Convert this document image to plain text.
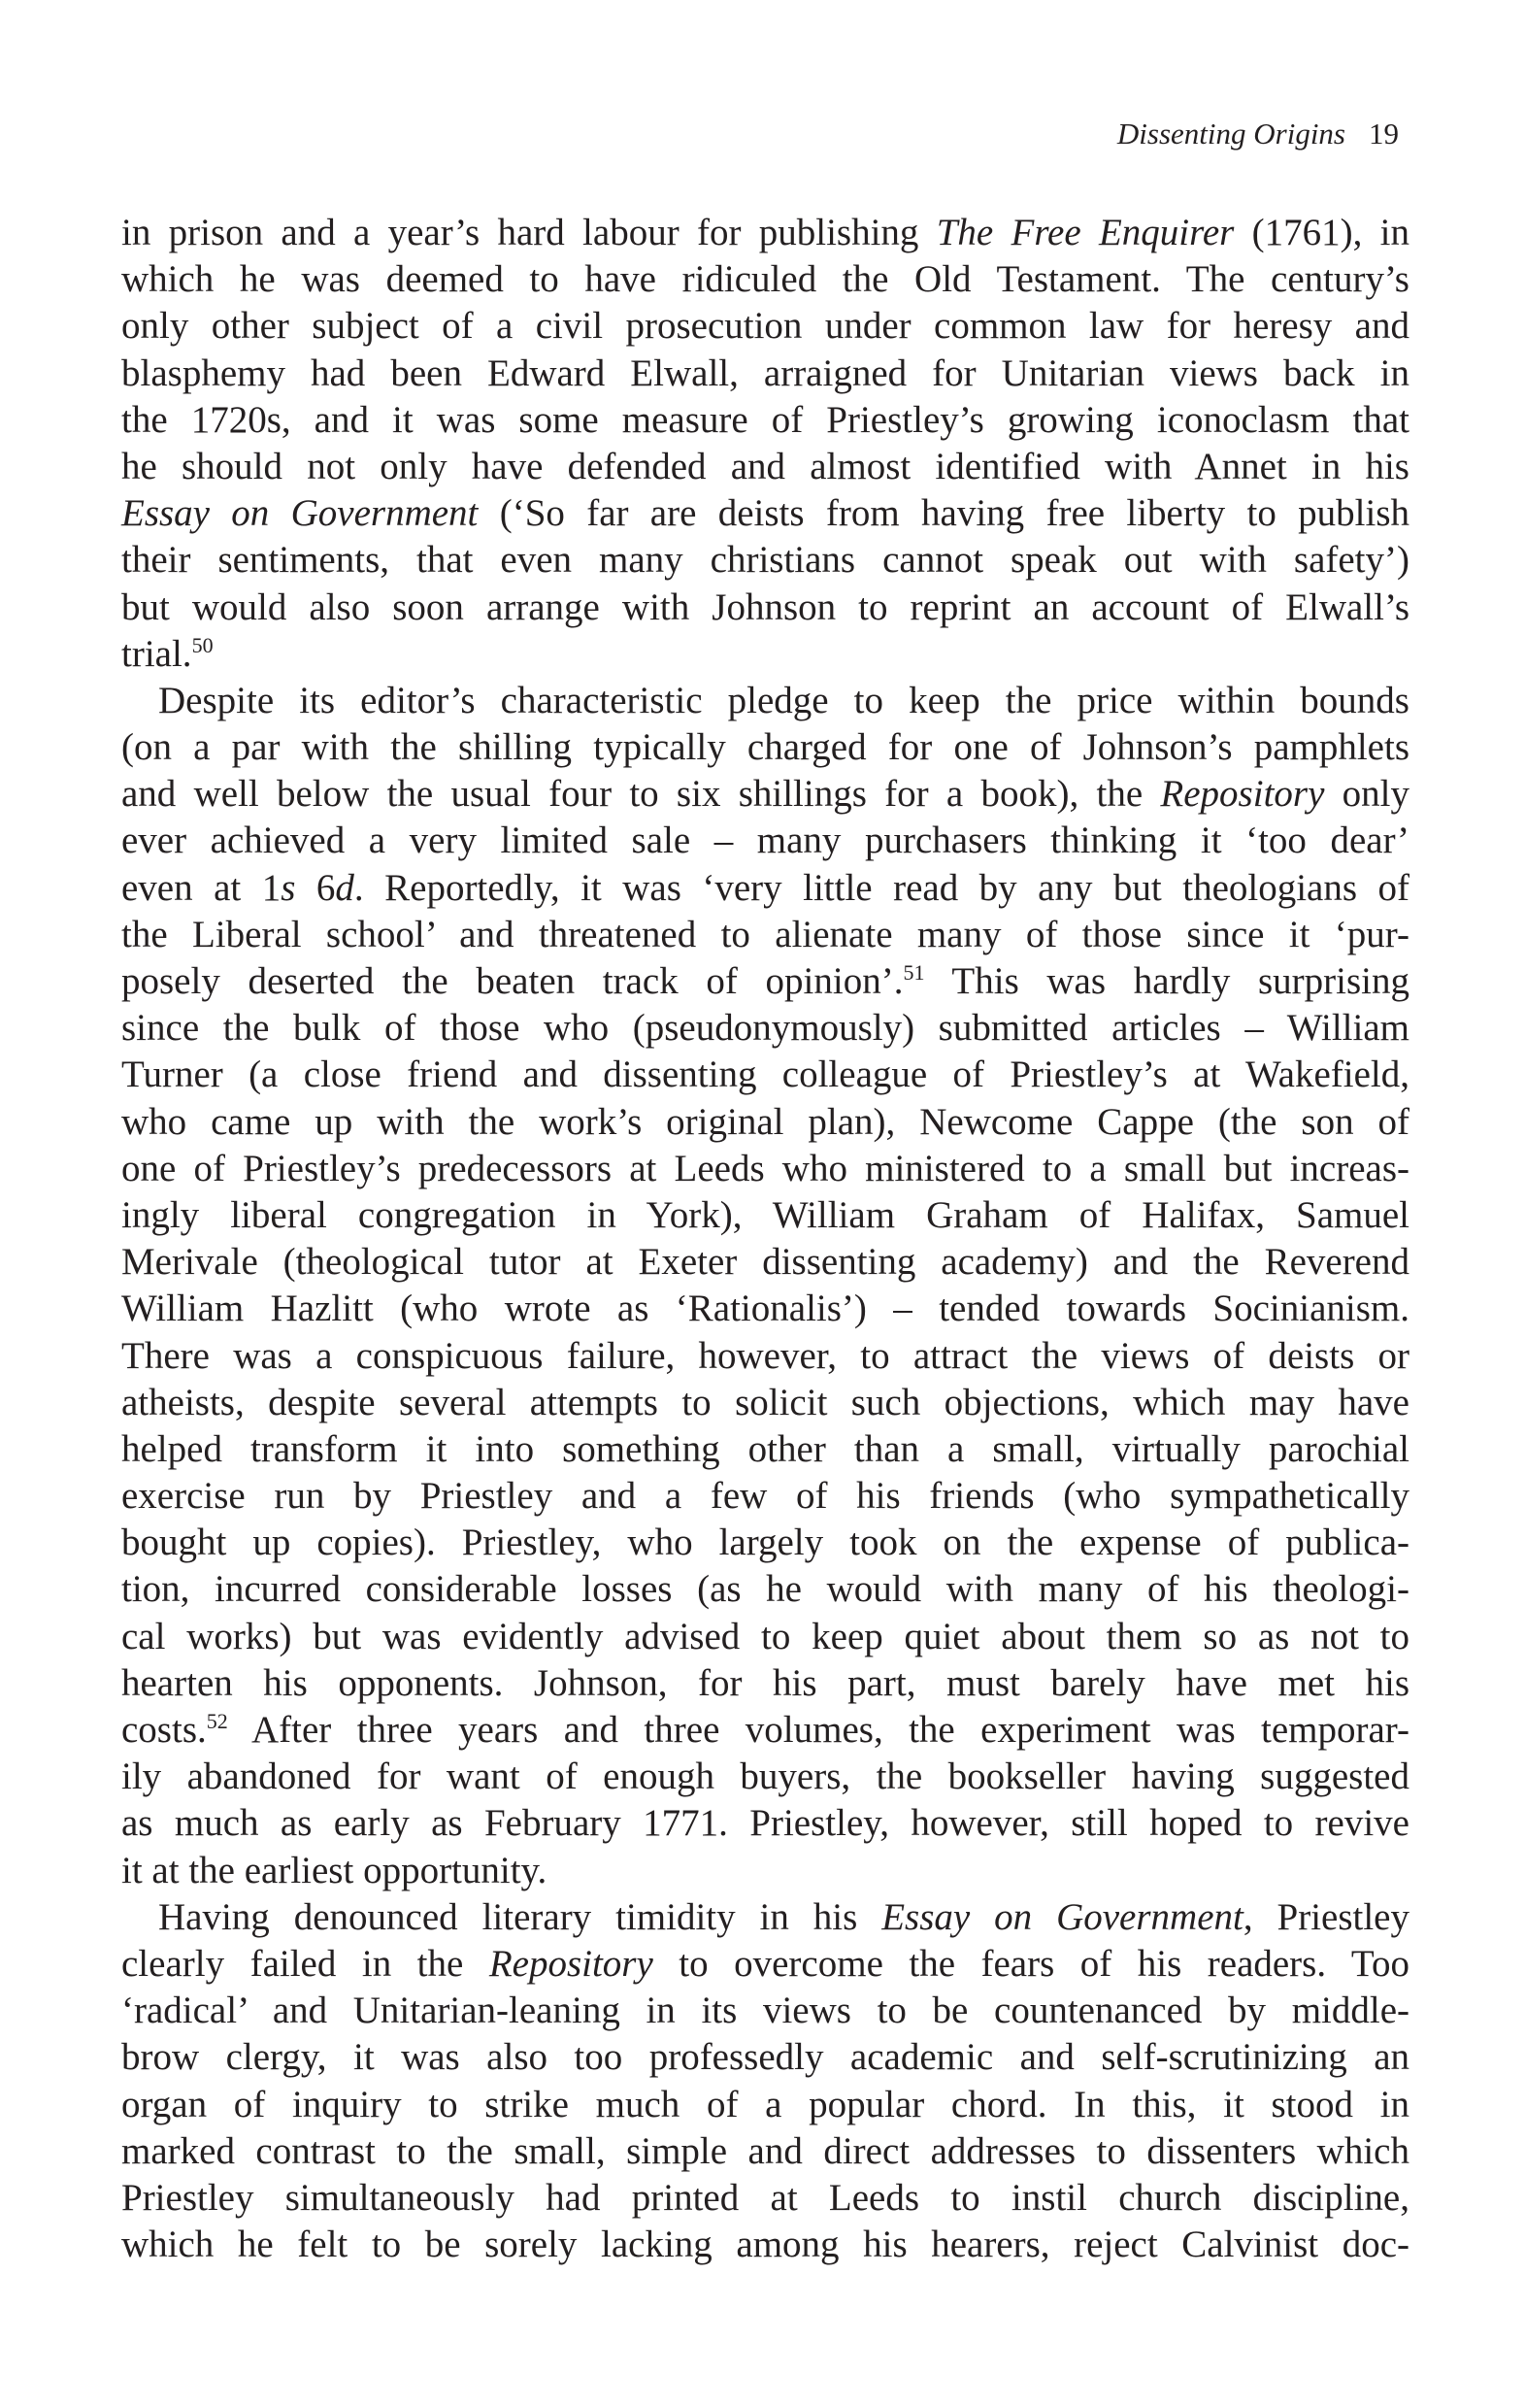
Dissenting Origins 19

in prison and a year’s hard labour for publishing The Free Enquirer (1761), in
which he was deemed to have ridiculed the Old Testament. The century’s
only other subject of a civil prosecution under common law for heresy and
blasphemy had been Edward Elwall, arraigned for Unitarian views back in
the 1720s, and it was some measure of Priestley’s growing iconoclasm that
he should not only have defended and almost identified with Annet in his
Essay on Government (‘So far are deists from having free liberty to publish
their sentiments, that even many christians cannot speak out with safety’)
but would also soon arrange with Johnson to reprint an account of Elwall’s
trial.$^{50}$

Despite its editor’s characteristic pledge to keep the price within bounds
(on a par with the shilling typically charged for one of Johnson’s pamphlets
and well below the usual four to six shillings for a book), the Repository only
ever achieved a very limited sale – many purchasers thinking it ‘too dear’
even at 1s 6d. Reportedly, it was ‘very little read by any but theologians of
the Liberal school’ and threatened to alienate many of those since it ‘pur-
posely deserted the beaten track of opinion’.$^{51}$ This was hardly surprising
since the bulk of those who (pseudonymously) submitted articles – William
Turner (a close friend and dissenting colleague of Priestley’s at Wakefield,
who came up with the work’s original plan), Newcome Cappe (the son of
one of Priestley’s predecessors at Leeds who ministered to a small but increas-
ingly liberal congregation in York), William Graham of Halifax, Samuel
Merivale (theological tutor at Exeter dissenting academy) and the Reverend
William Hazlitt (who wrote as ‘Rationalis’) – tended towards Socinianism.
There was a conspicuous failure, however, to attract the views of deists or
atheists, despite several attempts to solicit such objections, which may have
helped transform it into something other than a small, virtually parochial
exercise run by Priestley and a few of his friends (who sympathetically
bought up copies). Priestley, who largely took on the expense of publica-
tion, incurred considerable losses (as he would with many of his theologi-
cal works) but was evidently advised to keep quiet about them so as not to
hearten his opponents. Johnson, for his part, must barely have met his
costs.$^{52}$ After three years and three volumes, the experiment was temporar-
ily abandoned for want of enough buyers, the bookseller having suggested
as much as early as February 1771. Priestley, however, still hoped to revive
it at the earliest opportunity.

Having denounced literary timidity in his Essay on Government, Priestley
clearly failed in the Repository to overcome the fears of his readers. Too
‘radical’ and Unitarian-leaning in its views to be countenanced by middle-
brow clergy, it was also too professedly academic and self-scrutinizing an
organ of inquiry to strike much of a popular chord. In this, it stood in
marked contrast to the small, simple and direct addresses to dissenters which
Priestley simultaneously had printed at Leeds to instil church discipline,
which he felt to be sorely lacking among his hearers, reject Calvinist doc-
